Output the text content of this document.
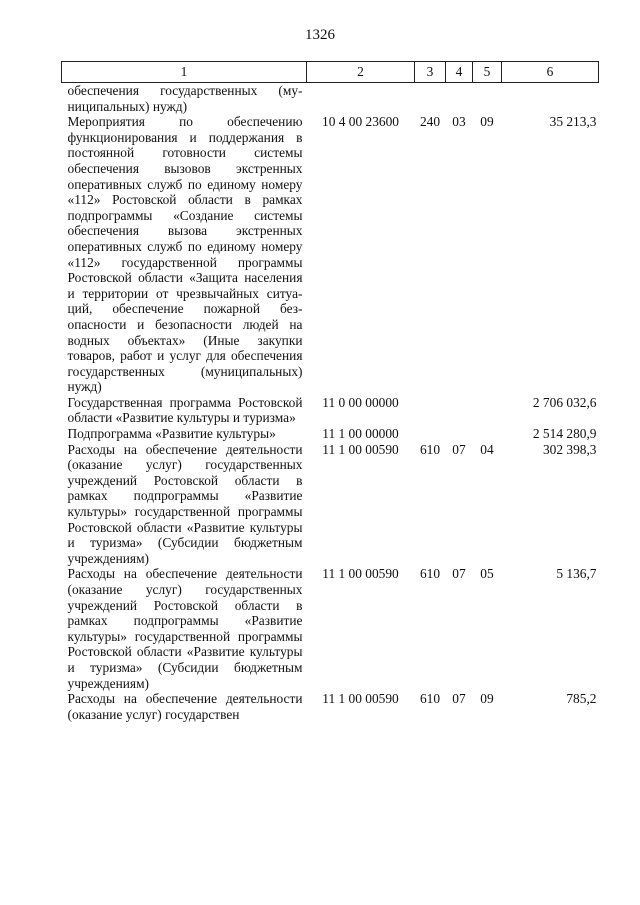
1326
1	2	3	4	5	6
обеспечения государственных (муниципальных) нужд)					
Мероприятия по обеспечению функционирования и поддержания в постоянной готовности системы обеспечения вызовов экстренных оперативных служб по единому номеру «112» Ростовской области в рамках подпрограммы «Создание системы обеспечения вызова экстренных оперативных служб по единому номеру «112» государственной программы Ростовской области «Защита населения и территории от чрезвычайных ситуаций, обеспечение пожарной безопасности и безопасности людей на водных объектах» (Иные закупки товаров, работ и услуг для обеспечения государственных (муниципальных) нужд)	10 4 00 23600	240	03	09	35 213,3
Государственная программа Ростовской области «Развитие культуры и туризма»	11 0 00 00000				2 706 032,6
Подпрограмма «Развитие культуры»	11 1 00 00000				2 514 280,9
Расходы на обеспечение деятельности (оказание услуг) государственных учреждений Ростовской области в рамках подпрограммы «Развитие культуры» государственной программы Ростовской области «Развитие культуры и туризма» (Субсидии бюджетным учреждениям)	11 1 00 00590	610	07	04	302 398,3
Расходы на обеспечение деятельности (оказание услуг) государственных учреждений Ростовской области в рамках подпрограммы «Развитие культуры» государственной программы Ростовской области «Развитие культуры и туризма» (Субсидии бюджетным учреждениям)	11 1 00 00590	610	07	05	5 136,7
Расходы на обеспечение деятельности (оказание услуг) государствен	11 1 00 00590	610	07	09	785,2
